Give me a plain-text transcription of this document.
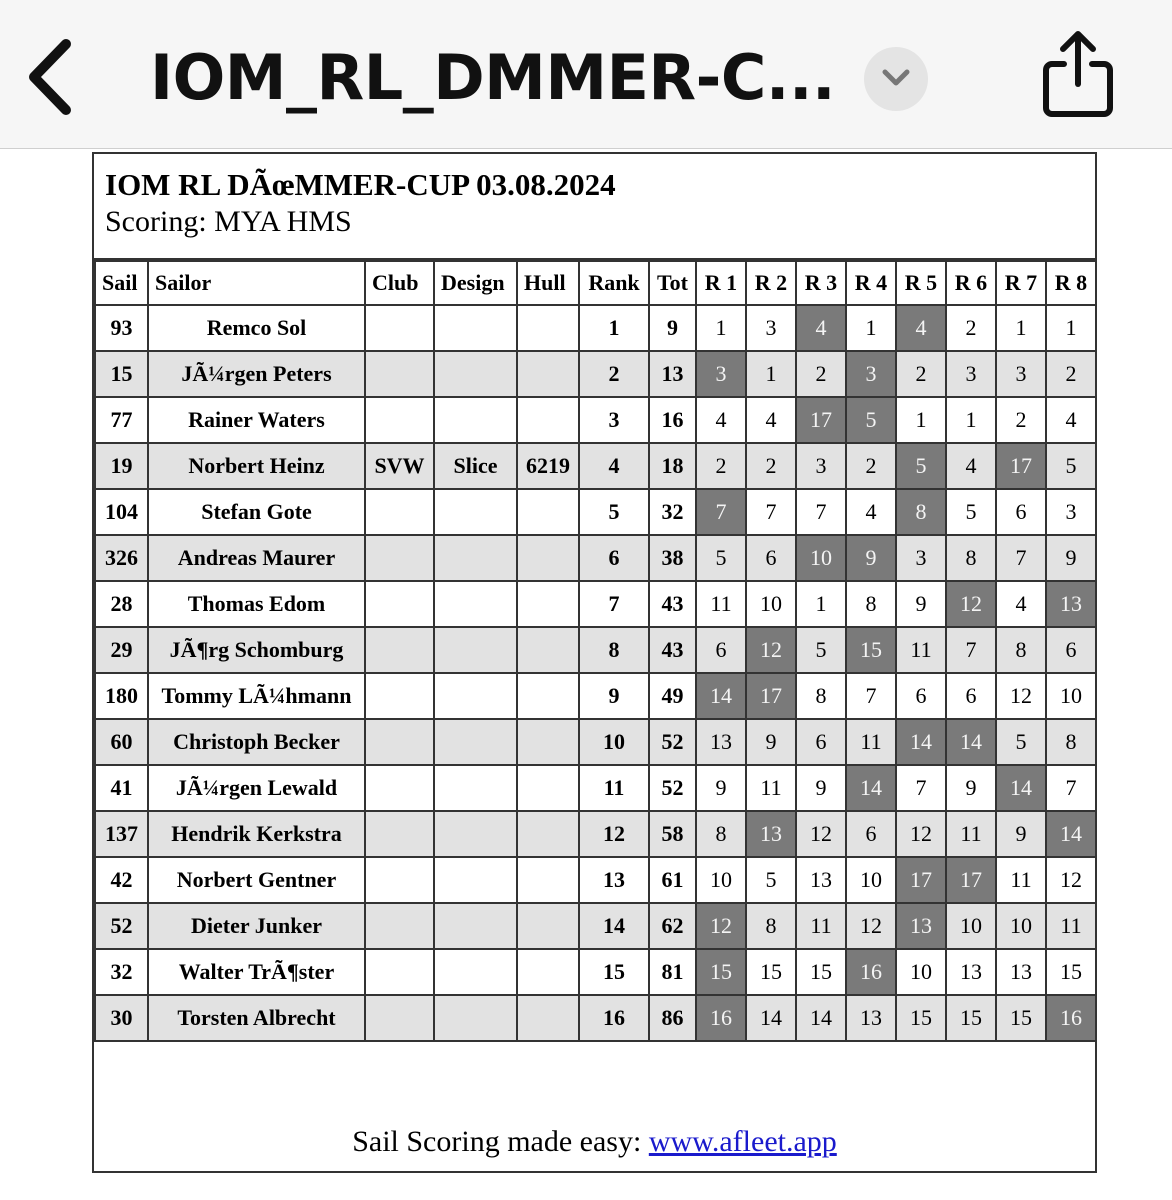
IOM_RL_DMMER-C...
IOM RL DÃœMMER-CUP 03.08.2024
Scoring: MYA HMS
Sail	Sailor	Club	Design	Hull	Rank	Tot	R 1	R 2	R 3	R 4	R 5	R 6	R 7	R 8
93	Remco Sol				1	9	1	3	4	1	4	2	1	1
15	JÃ¼rgen Peters				2	13	3	1	2	3	2	3	3	2
77	Rainer Waters				3	16	4	4	17	5	1	1	2	4
19	Norbert Heinz	SVW	Slice	6219	4	18	2	2	3	2	5	4	17	5
104	Stefan Gote				5	32	7	7	7	4	8	5	6	3
326	Andreas Maurer				6	38	5	6	10	9	3	8	7	9
28	Thomas Edom				7	43	11	10	1	8	9	12	4	13
29	JÃ¶rg Schomburg				8	43	6	12	5	15	11	7	8	6
180	Tommy LÃ¼hmann				9	49	14	17	8	7	6	6	12	10
60	Christoph Becker				10	52	13	9	6	11	14	14	5	8
41	JÃ¼rgen Lewald				11	52	9	11	9	14	7	9	14	7
137	Hendrik Kerkstra				12	58	8	13	12	6	12	11	9	14
42	Norbert Gentner				13	61	10	5	13	10	17	17	11	12
52	Dieter Junker				14	62	12	8	11	12	13	10	10	11
32	Walter TrÃ¶ster				15	81	15	15	15	16	10	13	13	15
30	Torsten Albrecht				16	86	16	14	14	13	15	15	15	16
Sail Scoring made easy: www.afleet.app
